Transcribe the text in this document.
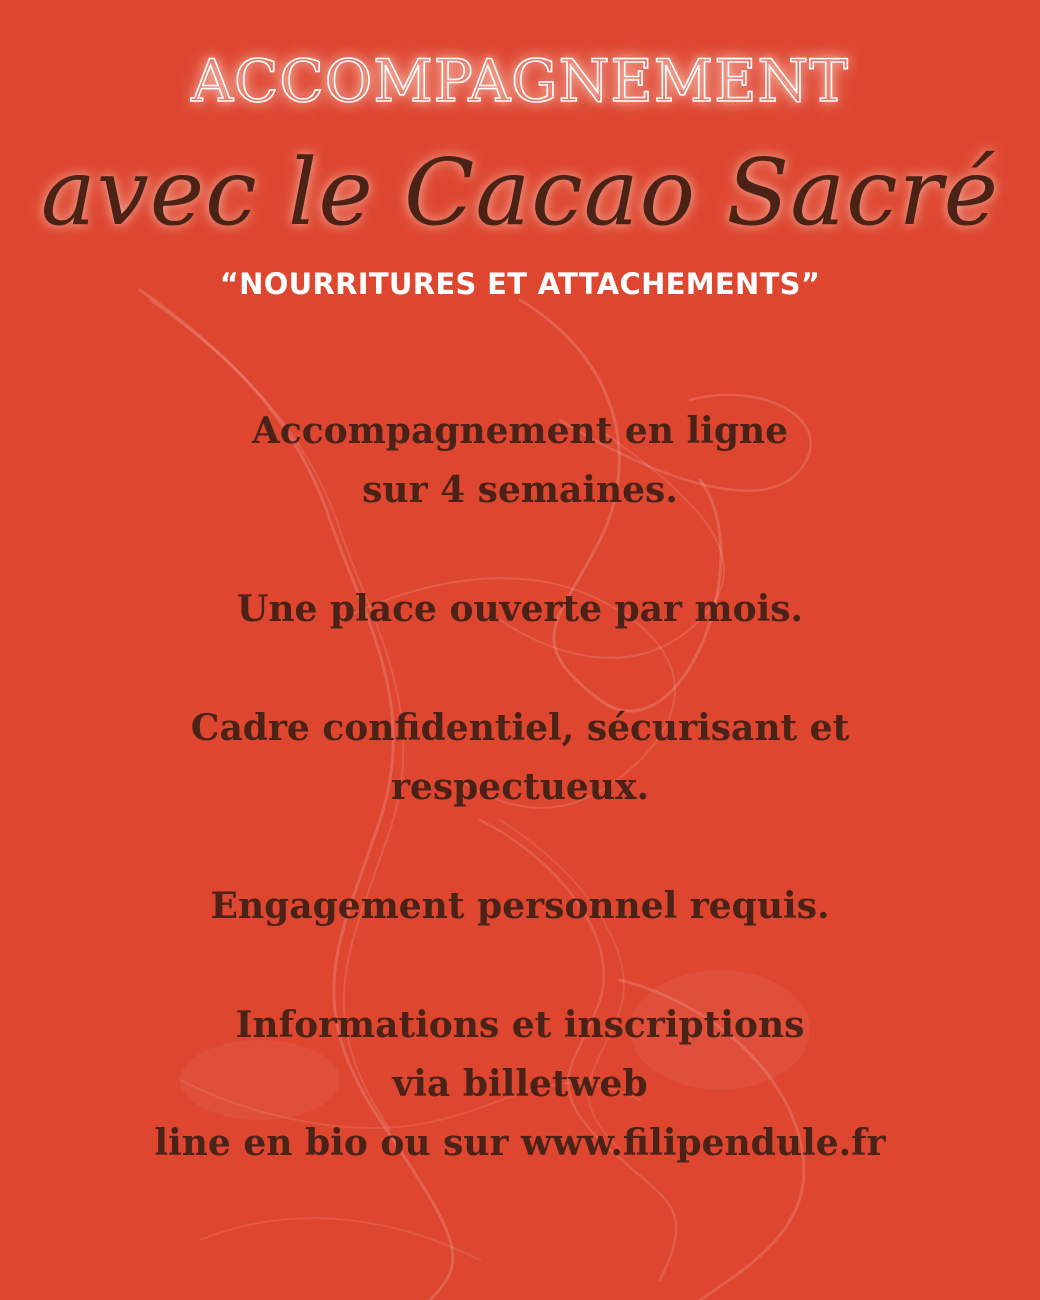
ACCOMPAGNEMENT
avec le Cacao Sacré
“NOURRITURES ET ATTACHEMENTS”
Accompagnement en ligne
sur 4 semaines.
Une place ouverte par mois.
Cadre confidentiel, sécurisant et
respectueux.
Engagement personnel requis.
Informations et inscriptions
via billetweb
line en bio ou sur www.filipendule.fr
